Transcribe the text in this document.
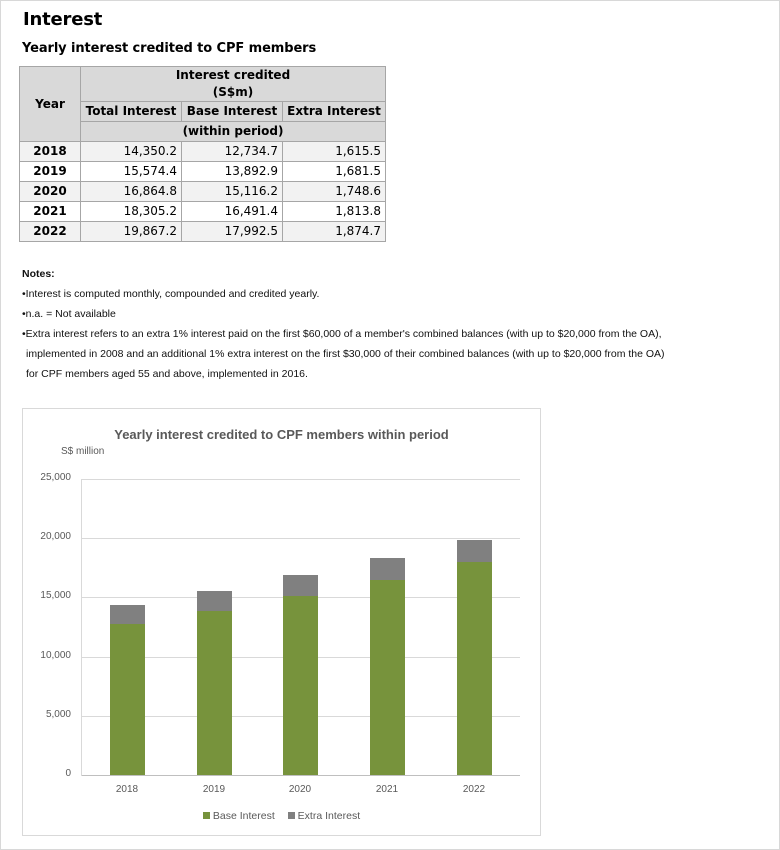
Interest
Yearly interest credited to CPF members
Year	Interest credited
(S$m)		

	Total Interest	Base Interest	Extra Interest
	(within period)		
2018	14,350.2	12,734.7	1,615.5
2019	15,574.4	13,892.9	1,681.5
2020	16,864.8	15,116.2	1,748.6
2021	18,305.2	16,491.4	1,813.8
2022	19,867.2	17,992.5	1,874.7
Notes:
•Interest is computed monthly, compounded and credited yearly.
•n.a. = Not available
•Extra interest refers to an extra 1% interest paid on the first $60,000 of a member's combined balances (with up to $20,000 from the OA),
implemented in 2008 and an additional 1% extra interest on the first $30,000 of their combined balances (with up to $20,000 from the OA)
for CPF members aged 55 and above, implemented in 2016.
Yearly interest credited to CPF members within period
S$ million
Base Interest Extra Interest
0
5,000
10,000
15,000
20,000
25,000
2018	2019	2020	2021	2022
